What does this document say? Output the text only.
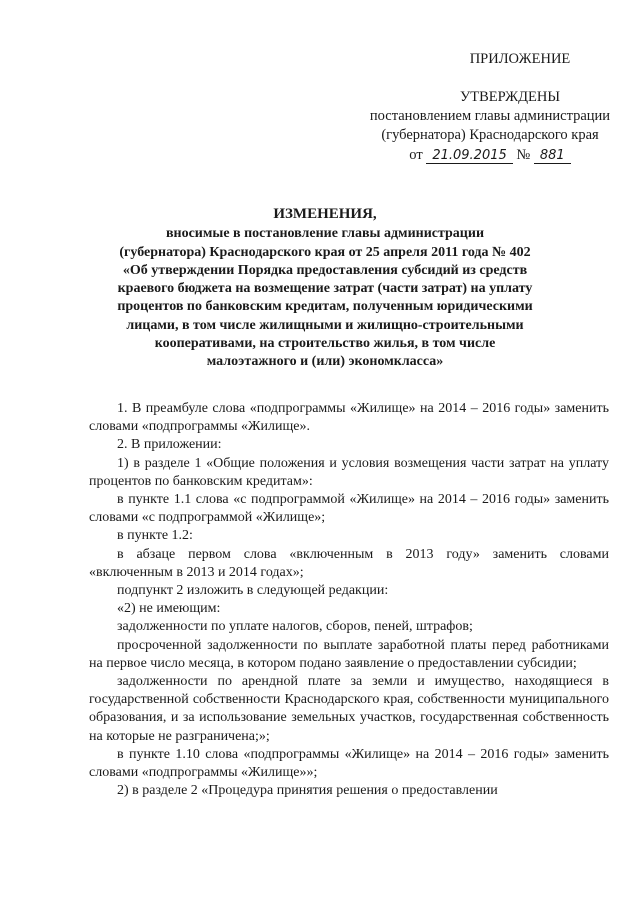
ПРИЛОЖЕНИЕ
УТВЕРЖДЕНЫ
постановлением главы администрации
(губернатора) Краснодарского края
от 21.09.2015 № 881
ИЗМЕНЕНИЯ,
вносимые в постановление главы администрации
(губернатора) Краснодарского края от 25 апреля 2011 года № 402
«Об утверждении Порядка предоставления субсидий из средств
краевого бюджета на возмещение затрат (части затрат) на уплату
процентов по банковским кредитам, полученным юридическими
лицами, в том числе жилищными и жилищно-строительными
кооперативами, на строительство жилья, в том числе
малоэтажного и (или) экономкласса»

1. В преамбуле слова «подпрограммы «Жилище» на 2014 – 2016 годы» заменить словами «подпрограммы «Жилище».

2. В приложении:

1) в разделе 1 «Общие положения и условия возмещения части затрат на уплату процентов по банковским кредитам»:

в пункте 1.1 слова «с подпрограммой «Жилище» на 2014 – 2016 годы» заменить словами «с подпрограммой «Жилище»;

в пункте 1.2:

в абзаце первом слова «включенным в 2013 году» заменить словами «включенным в 2013 и 2014 годах»;

подпункт 2 изложить в следующей редакции:

«2) не имеющим:

задолженности по уплате налогов, сборов, пеней, штрафов;

просроченной задолженности по выплате заработной платы перед работниками на первое число месяца, в котором подано заявление о предоставлении субсидии;

задолженности по арендной плате за земли и имущество, находящиеся в государственной собственности Краснодарского края, собственности муниципального образования, и за использование земельных участков, государственная собственность на которые не разграничена;»;

в пункте 1.10 слова «подпрограммы «Жилище» на 2014 – 2016 годы» заменить словами «подпрограммы «Жилище»»;

2) в разделе 2 «Процедура принятия решения о предоставлении
